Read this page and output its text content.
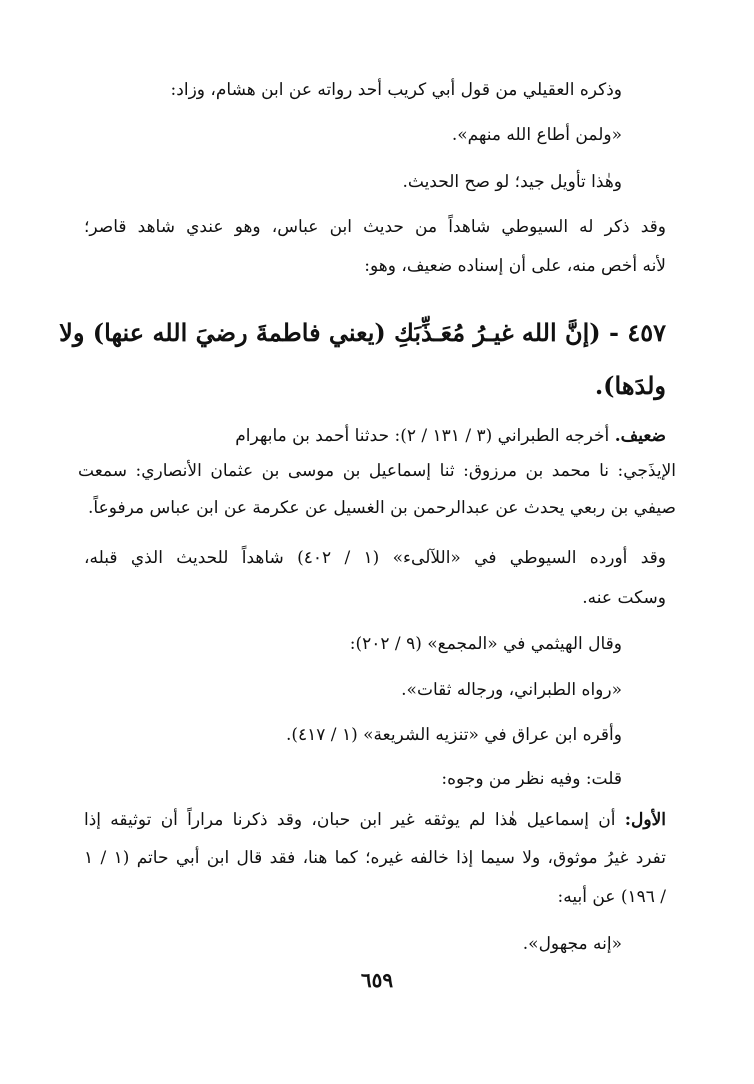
وذكره العقيلي من قول أبي كريب أحد رواته عن ابن هشام، وزاد:
«ولمن أطاع الله منهم».
وهٰذا تأويل جيد؛ لو صح الحديث.
وقد ذكر له السيوطي شاهداً من حديث ابن عباس، وهو عندي شاهد قاصر؛
لأنه أخص منه، على أن إسناده ضعيف، وهو:
٤٥٧ - (إنَّ الله غيـرُ مُعَـذِّبَكِ (يعني فاطمةَ رضيَ الله عنها) ولا
ولدَها).
ضعيف. أخرجه الطبراني (٣ / ١٣١ / ٢): حدثنا أحمد بن مابهرام
الإيذَجي: نا محمد بن مرزوق: ثنا إسماعيل بن موسى بن عثمان الأنصاري: سمعت
صيفي بن ربعي يحدث عن عبدالرحمن بن الغسيل عن عكرمة عن ابن عباس مرفوعاً.
وقد أورده السيوطي في «اللآلىء» (١ / ٤٠٢) شاهداً للحديث الذي قبله،
وسكت عنه.
وقال الهيثمي في «المجمع» (٩ / ٢٠٢):
«رواه الطبراني، ورجاله ثقات».
وأقره ابن عراق في «تنزيه الشريعة» (١ / ٤١٧).
قلت: وفيه نظر من وجوه:
الأول: أن إسماعيل هٰذا لم يوثقه غير ابن حبان، وقد ذكرنا مراراً أن توثيقه إذا
تفرد غيرُ موثوق، ولا سيما إذا خالفه غيره؛ كما هنا، فقد قال ابن أبي حاتم (١ / ١
/ ١٩٦) عن أبيه:
«إنه مجهول».
٦٥٩
